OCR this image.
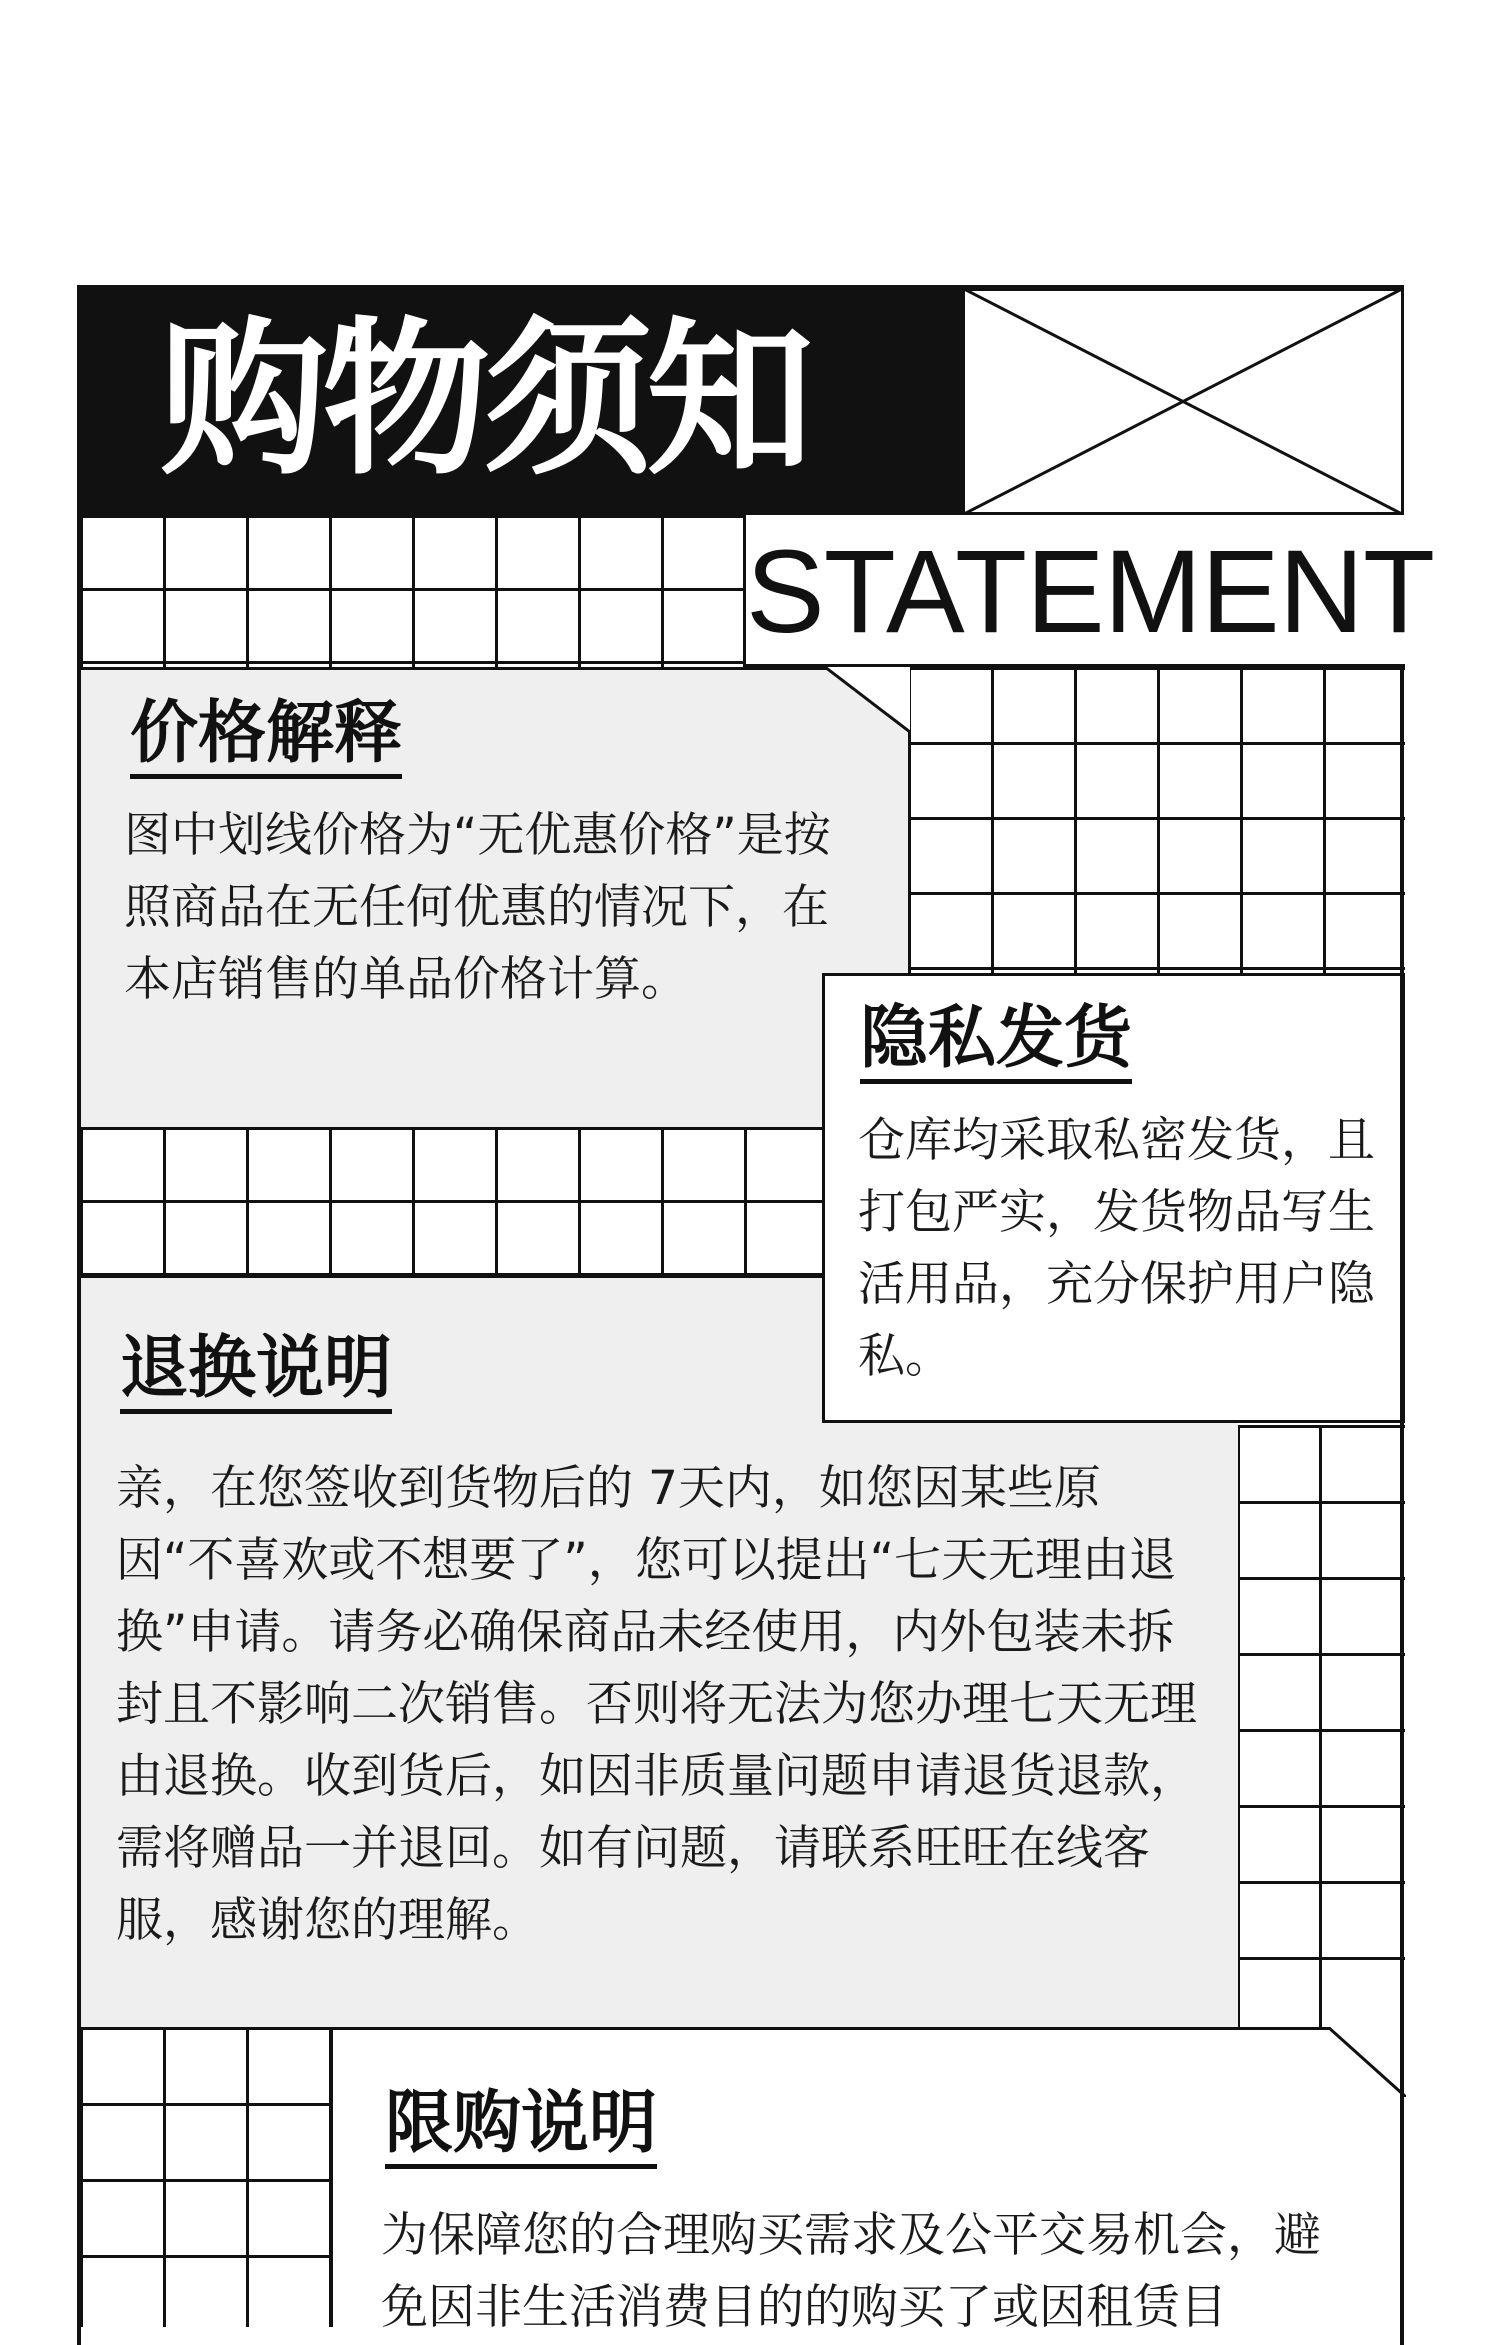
购物须知
STATEMENT
价格解释

图中划线价格为“无优惠价格”是按照商品在无任何优惠的情况下，在本店销售的单品价格计算。

隐私发货

仓库均采取私密发货，且打包严实，发货物品写生活用品，充分保护用户隐私。

退换说明

亲，在您签收到货物后的 7天内，如您因某些原因“不喜欢或不想要了”，您可以提出“七天无理由退换”申请。请务必确保商品未经使用，内外包装未拆封且不影响二次销售。否则将无法为您办理七天无理由退换。收到货后，如因非质量问题申请退货退款，需将赠品一并退回。如有问题，请联系旺旺在线客服，感谢您的理解。

限购说明

为保障您的合理购买需求及公平交易机会，避免因非生活消费目的的购买了或因租赁目
